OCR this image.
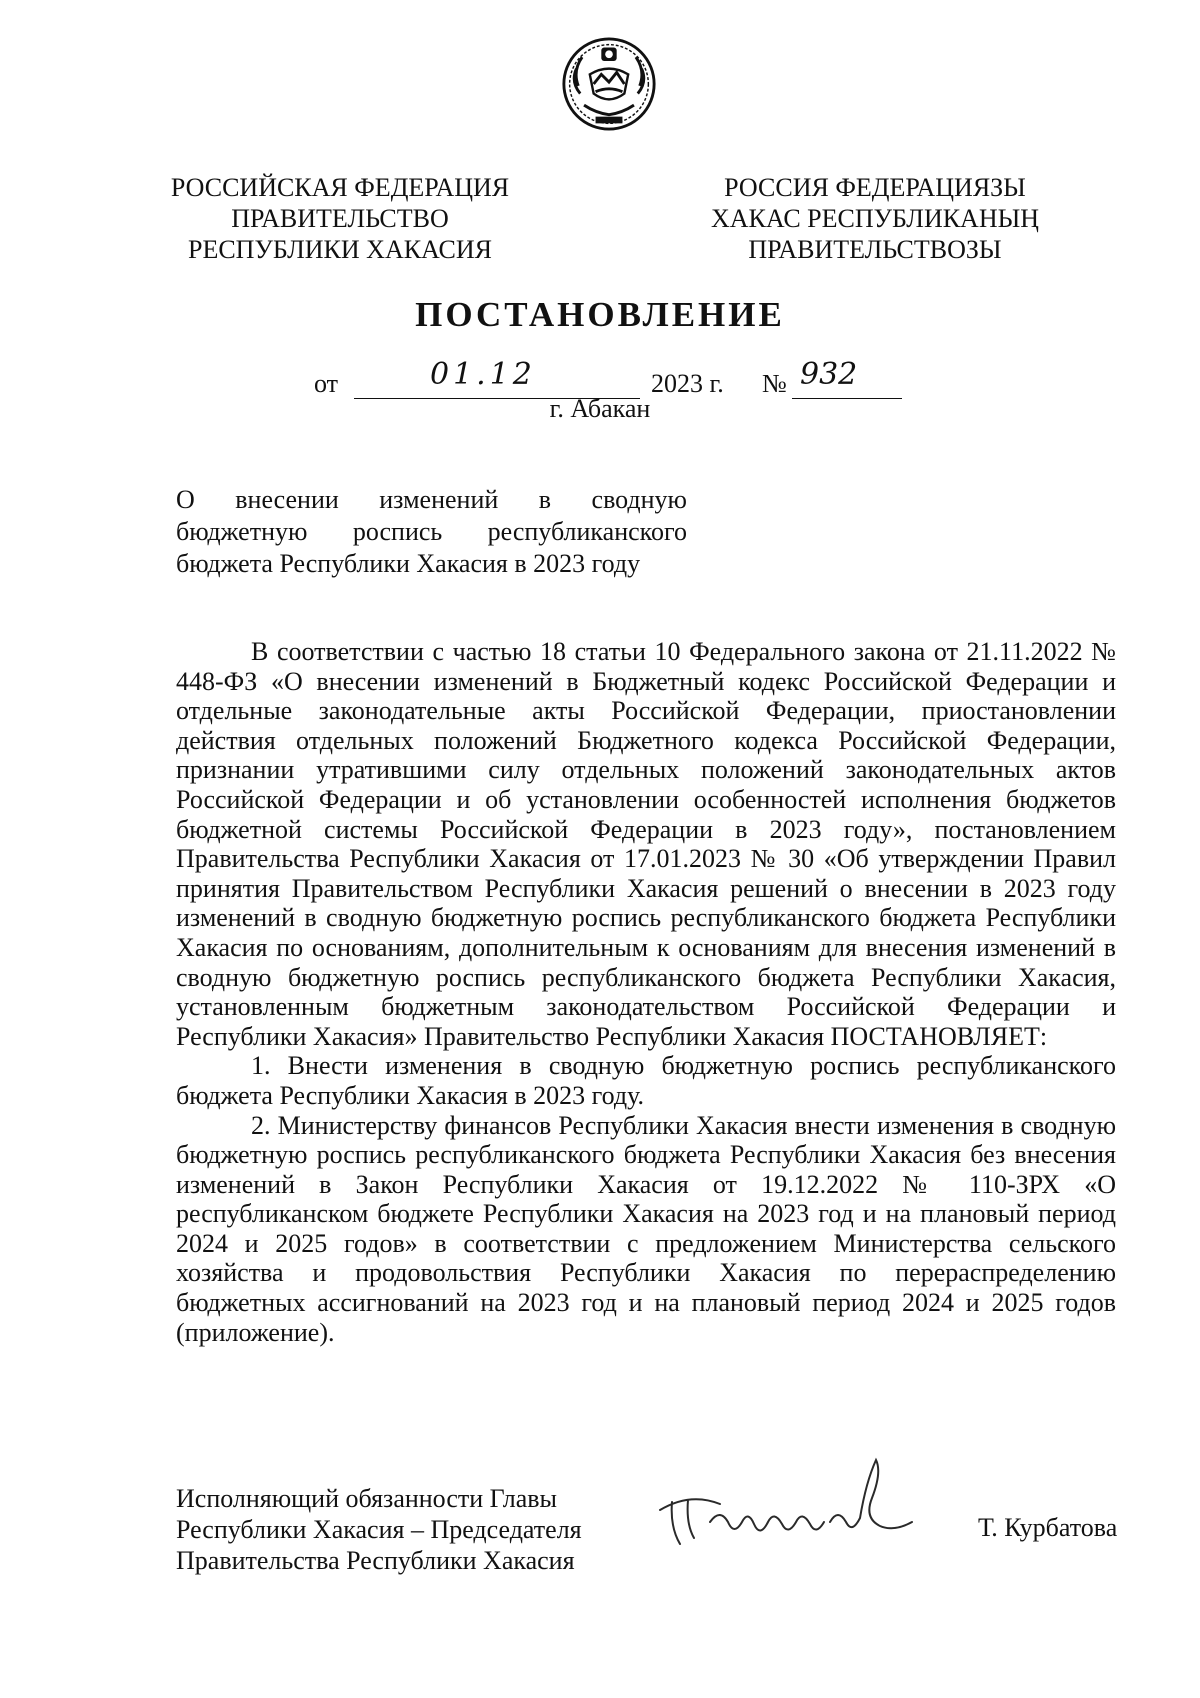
РОССИЙСКАЯ ФЕДЕРАЦИЯ
ПРАВИТЕЛЬСТВО
РЕСПУБЛИКИ ХАКАСИЯ
РОССИЯ ФЕДЕРАЦИЯЗЫ
ХАКАС РЕСПУБЛИКАНЫҢ
ПРАВИТЕЛЬСТВОЗЫ
ПОСТАНОВЛЕНИЕ
от	01.12	2023 г. № 932
г. Абакан
О внесении изменений в сводную
бюджетную роспись республиканского
бюджета Республики Хакасия в 2023 году

В соответствии с частью 18 статьи 10 Федерального закона от 21.11.2022 № 448-ФЗ «О внесении изменений в Бюджетный кодекс Российской Федерации и отдельные законодательные акты Российской Федерации, приостановлении действия отдельных положений Бюджетного кодекса Российской Федерации, признании утратившими силу отдельных положений законодательных актов Российской Федерации и об установлении особенностей исполнения бюджетов бюджетной системы Российской Федерации в 2023 году», постановлением Правительства Республики Хакасия от 17.01.2023 № 30 «Об утверждении Правил принятия Правительством Республики Хакасия решений о внесении в 2023 году изменений в сводную бюджетную роспись республиканского бюджета Республики Хакасия по основаниям, дополнительным к основаниям для внесения изменений в сводную бюджетную роспись республиканского бюджета Республики Хакасия, установленным бюджетным законодательством Российской Федерации и Республики Хакасия» Правительство Республики Хакасия ПОСТАНОВЛЯЕТ:

1. Внести изменения в сводную бюджетную роспись республиканского бюджета Республики Хакасия в 2023 году.

2. Министерству финансов Республики Хакасия внести изменения в сводную бюджетную роспись республиканского бюджета Республики Хакасия без внесения изменений в Закон Республики Хакасия от 19.12.2022 № 110-ЗРХ «О республиканском бюджете Республики Хакасия на 2023 год и на плановый период 2024 и 2025 годов» в соответствии с предложением Министерства сельского хозяйства и продовольствия Республики Хакасия по перераспределению бюджетных ассигнований на 2023 год и на плановый период 2024 и 2025 годов (приложение).

Исполняющий обязанности Главы
Республики Хакасия – Председателя
Правительства Республики Хакасия
Т. Курбатова
